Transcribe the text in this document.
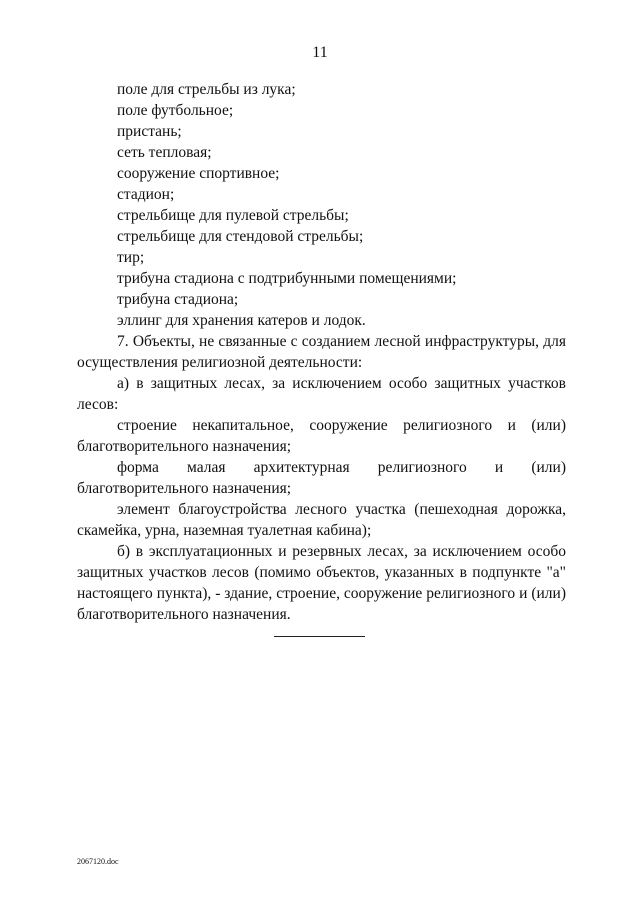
11
поле для стрельбы из лука;
поле футбольное;
пристань;
сеть тепловая;
сооружение спортивное;
стадион;
стрельбище для пулевой стрельбы;
стрельбище для стендовой стрельбы;
тир;
трибуна стадиона с подтрибунными помещениями;
трибуна стадиона;
эллинг для хранения катеров и лодок.
7. Объекты, не связанные с созданием лесной инфраструктуры, для
осуществления религиозной деятельности:
а) в защитных лесах, за исключением особо защитных участков
лесов:
строение некапитальное, сооружение религиозного и (или)
благотворительного назначения;
форма малая архитектурная религиозного и (или)
благотворительного назначения;
элемент благоустройства лесного участка (пешеходная дорожка,
скамейка, урна, наземная туалетная кабина);
б) в эксплуатационных и резервных лесах, за исключением особо
защитных участков лесов (помимо объектов, указанных в подпункте "а"
настоящего пункта), - здание, строение, сооружение религиозного и (или)
благотворительного назначения.
2067120.doc
